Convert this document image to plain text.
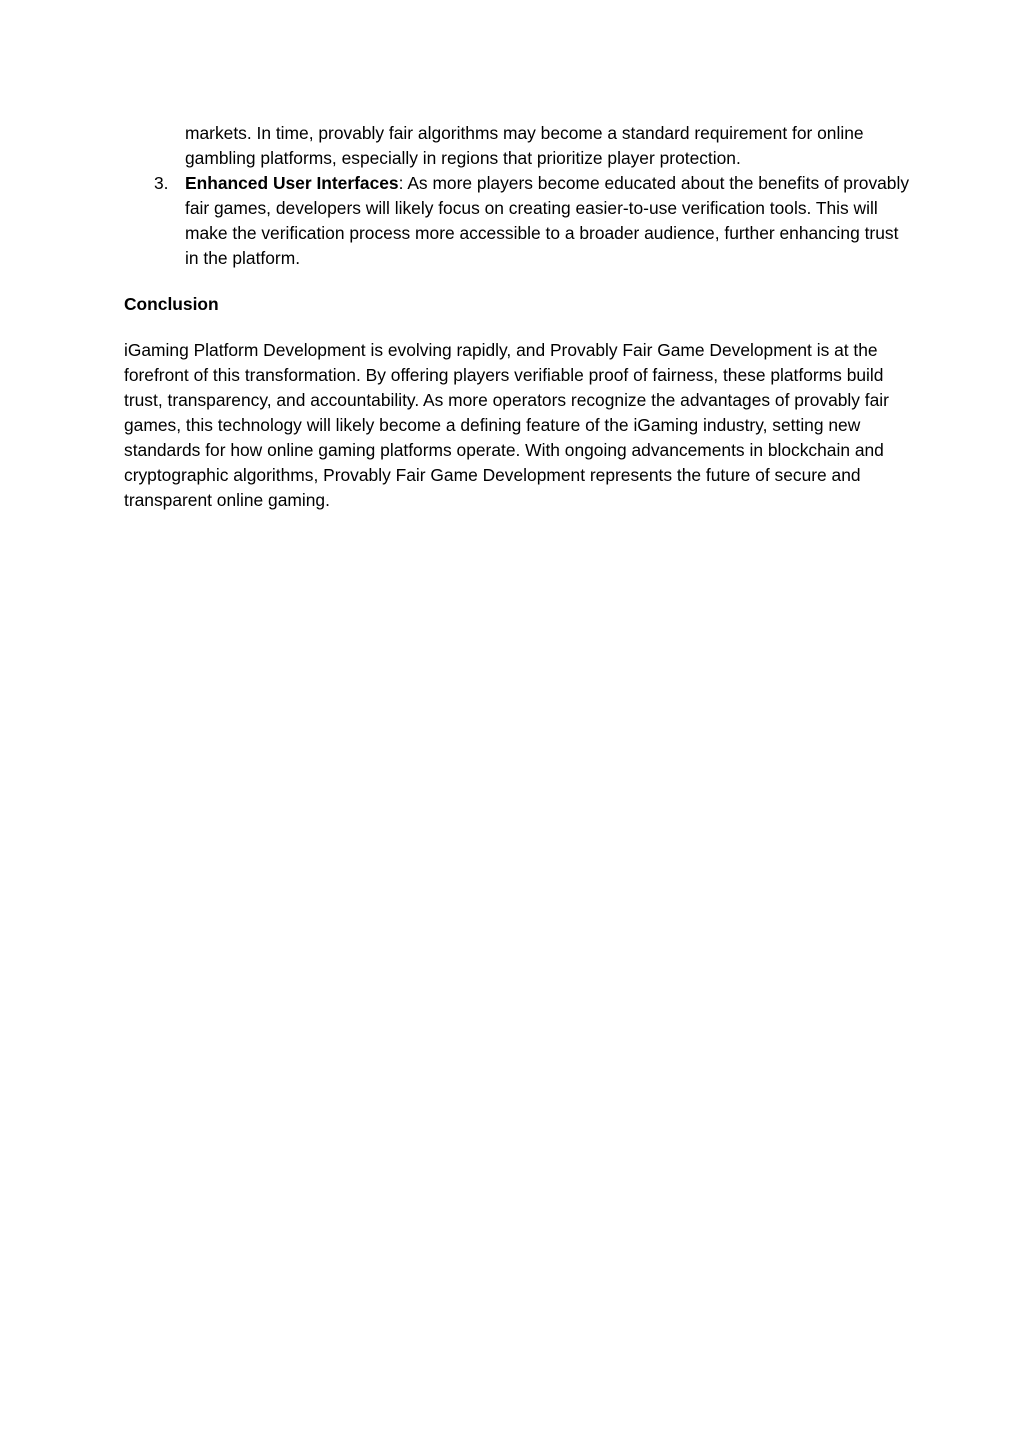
markets. In time, provably fair algorithms may become a standard requirement for online gambling platforms, especially in regions that prioritize player protection.
3. Enhanced User Interfaces: As more players become educated about the benefits of provably fair games, developers will likely focus on creating easier-to-use verification tools. This will make the verification process more accessible to a broader audience, further enhancing trust in the platform.
Conclusion

iGaming Platform Development is evolving rapidly, and Provably Fair Game Development is at the forefront of this transformation. By offering players verifiable proof of fairness, these platforms build trust, transparency, and accountability. As more operators recognize the advantages of provably fair games, this technology will likely become a defining feature of the iGaming industry, setting new standards for how online gaming platforms operate. With ongoing advancements in blockchain and cryptographic algorithms, Provably Fair Game Development represents the future of secure and transparent online gaming.
